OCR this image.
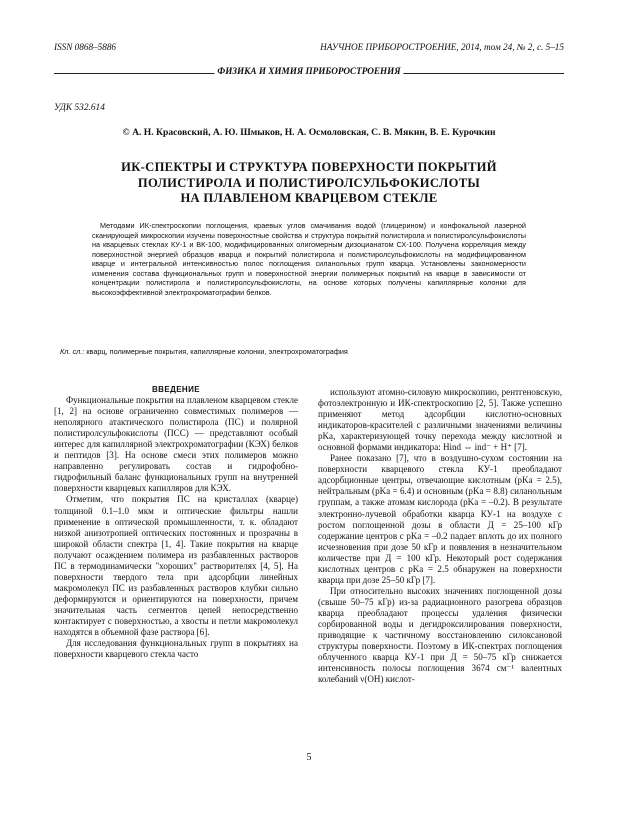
ISSN 0868–5886	НАУЧНОЕ ПРИБОРОСТРОЕНИЕ, 2014, том 24, № 2, c. 5–15
ФИЗИКА И ХИМИЯ ПРИБОРОСТРОЕНИЯ
УДК 532.614
© А. Н. Красовский, А. Ю. Шмыков, Н. А. Осмоловская, С. В. Мякин, В. Е. Курочкин
ИК-СПЕКТРЫ И СТРУКТУРА ПОВЕРХНОСТИ ПОКРЫТИЙ
ПОЛИСТИРОЛА И ПОЛИСТИРОЛСУЛЬФОКИСЛОТЫ
НА ПЛАВЛЕНОМ КВАРЦЕВОМ СТЕКЛЕ
Методами ИК-спектроскопии поглощения, краевых углов смачивания водой (глицерином) и конфокальной лазерной сканирующей микроскопии изучены поверхностные свойства и структура покрытий полистирола и полистиролсульфокислоты на кварцевых стеклах КУ-1 и ВК-100, модифицированных олигомерным дизоцианатом СХ-100. Получена корреляция между поверхностной энергией образцов кварца и покрытий полистирола и полистиролсульфокислоты на модифицированном кварце и интегральной интенсивностью полос поглощения силанольных групп кварца. Установлены закономерности изменения состава функциональных групп и поверхностной энергии полимерных покрытий на кварце в зависимости от концентрации полистирола и полистиролсульфокислоты, на основе которых получены капиллярные колонки для высокоэффективной электрохроматографии белков.
Кл. сл.: кварц, полимерные покрытия, капиллярные колонки, электрохроматография

ВВЕДЕНИЕ

Функциональные покрытия на плавленом кварцевом стекле [1, 2] на основе ограниченно совместимых полимеров — неполярного атактического полистирола (ПС) и полярной полистиролсульфокислоты (ПСС) — представляют особый интерес для капиллярной электрохроматографии (КЭХ) белков и пептидов [3]. На основе смеси этих полимеров можно направленно регулировать состав и гидрофобно-гидрофильный баланс функциональных групп на внутренней поверхности кварцевых капилляров для КЭХ.

Отметим, что покрытия ПС на кристаллах (кварце) толщиной 0.1–1.0 мкм и оптические фильтры нашли применение в оптической промышленности, т. к. обладают низкой анизотропией оптических постоянных и прозрачны в широкой области спектра [1, 4]. Такие покрытия на кварце получают осаждением полимера из разбавленных растворов ПС в термодинамически "хороших" растворителях [4, 5]. На поверхности твердого тела при адсорбции линейных макромолекул ПС из разбавленных растворов клубки сильно деформируются и ориентируются на поверхности, причем значительная часть сегментов цепей непосредственно контактирует с поверхностью, а хвосты и петли макромолекул находятся в объемной фазе раствора [6].

Для исследования функциональных групп в покрытиях на поверхности кварцевого стекла часто

используют атомно-силовую микроскопию, рентгеновскую, фотоэлектронную и ИК-спектроскопию [2, 5]. Также успешно применяют метод адсорбции кислотно-основных индикаторов-красителей с различными значениями величины pKa, характеризующей точку перехода между кислотной и основной формами индикатора: Hind ⇔ ind⁻ + H⁺ [7].

Ранее показано [7], что в воздушно-сухом состоянии на поверхности кварцевого стекла КУ-1 преобладают адсорбционные центры, отвечающие кислотным (pKa = 2.5), нейтральным (pKa = 6.4) и основным (pKa = 8.8) силанольным группам, а также атомам кислорода (pKa = –0.2). В результате электронно-лучевой обработки кварца КУ-1 на воздухе с ростом поглощенной дозы в области Д = 25–100 кГр содержание центров с pKa = –0.2 падает вплоть до их полного исчезновения при дозе 50 кГр и появления в незначительном количестве при Д = 100 кГр. Некоторый рост содержания кислотных центров с pKa = 2.5 обнаружен на поверхности кварца при дозе 25–50 кГр [7].

При относительно высоких значениях поглощенной дозы (свыше 50–75 кГр) из-за радиационного разогрева образцов кварца преобладают процессы удаления физически сорбированной воды и дегидроксилирования поверхности, приводящие к частичному восстановлению силоксановой структуры поверхности. Поэтому в ИК-спектрах поглощения облученного кварца КУ-1 при Д = 50–75 кГр снижается интенсивность полосы поглощения 3674 см⁻¹ валентных колебаний ν(OH) кислот-

5
